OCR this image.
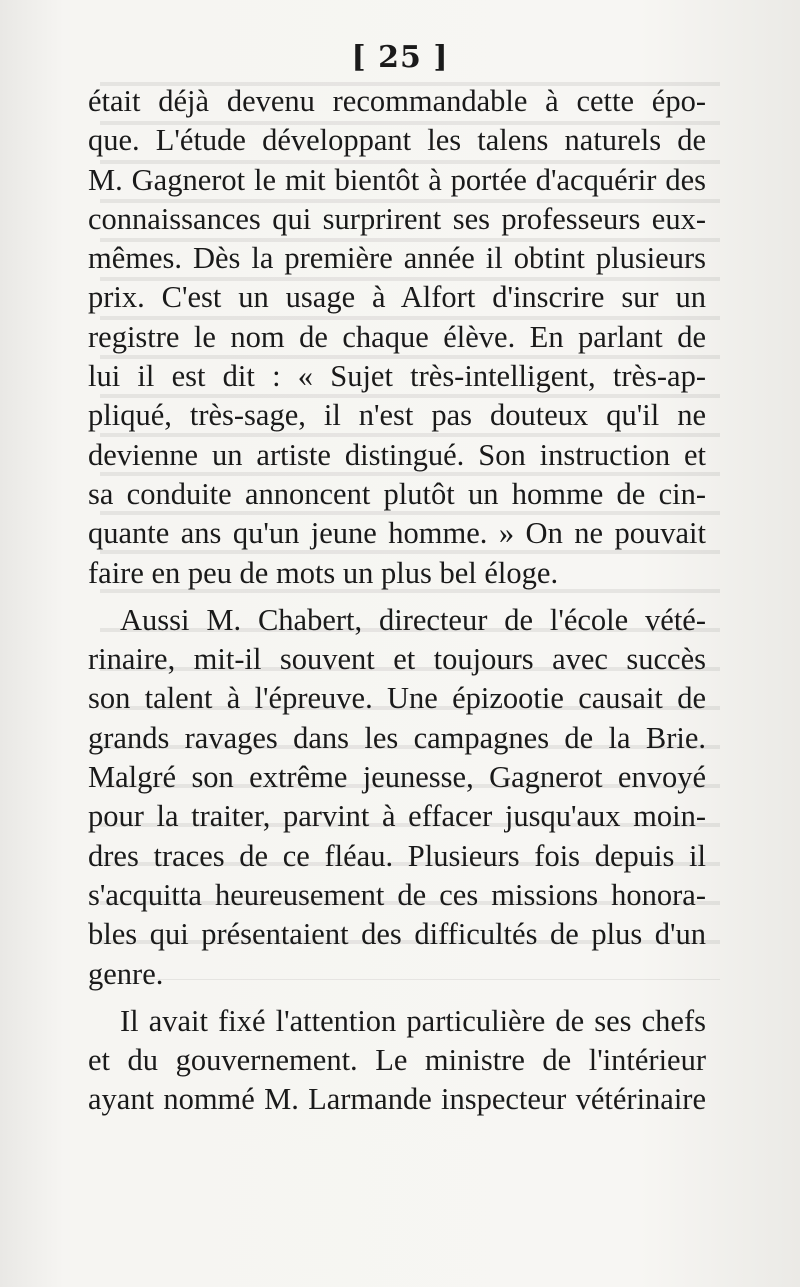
[ 25 ]
était déjà devenu recommandable à cette épo-
que. L'étude développant les talens naturels de
M. Gagnerot le mit bientôt à portée d'acquérir des
connaissances qui surprirent ses professeurs eux-
mêmes. Dès la première année il obtint plusieurs
prix. C'est un usage à Alfort d'inscrire sur un
registre le nom de chaque élève. En parlant de
lui il est dit : « Sujet très-intelligent, très-ap-
pliqué, très-sage, il n'est pas douteux qu'il ne
devienne un artiste distingué. Son instruction et
sa conduite annoncent plutôt un homme de cin-
quante ans qu'un jeune homme. » On ne pouvait
faire en peu de mots un plus bel éloge.
Aussi M. Chabert, directeur de l'école vété-
rinaire, mit-il souvent et toujours avec succès
son talent à l'épreuve. Une épizootie causait de
grands ravages dans les campagnes de la Brie.
Malgré son extrême jeunesse, Gagnerot envoyé
pour la traiter, parvint à effacer jusqu'aux moin-
dres traces de ce fléau. Plusieurs fois depuis il
s'acquitta heureusement de ces missions honora-
bles qui présentaient des difficultés de plus d'un
genre.
Il avait fixé l'attention particulière de ses chefs
et du gouvernement. Le ministre de l'intérieur
ayant nommé M. Larmande inspecteur vétérinaire
